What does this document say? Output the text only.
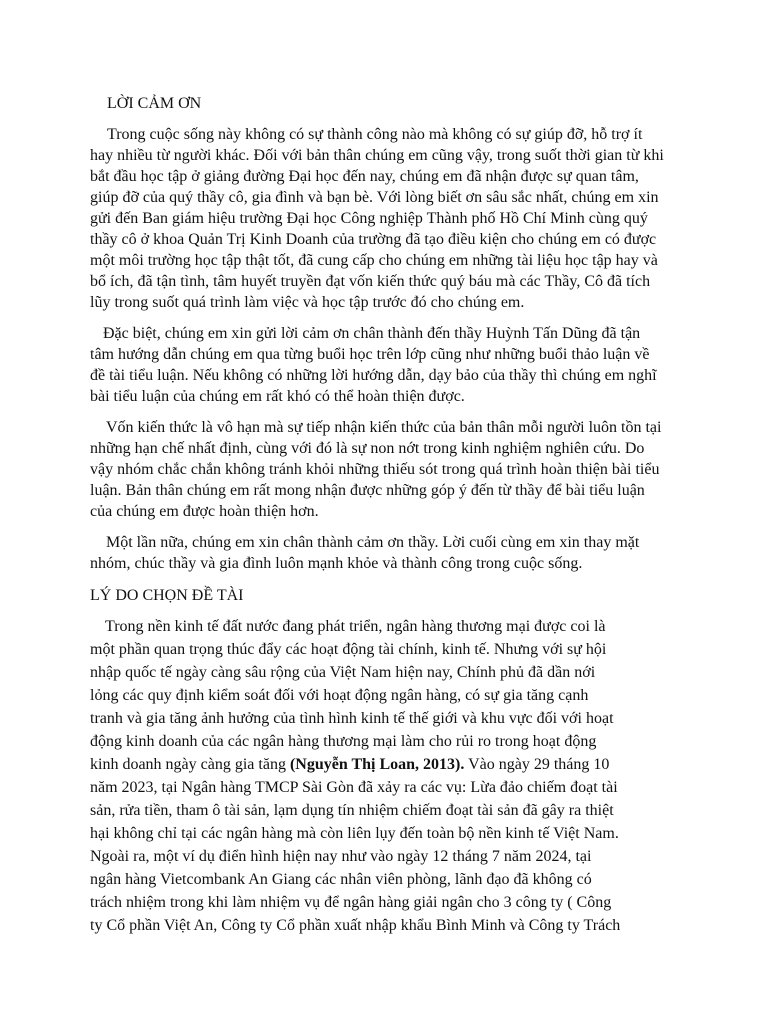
LỜI CẢM ƠN

Trong cuộc sống này không có sự thành công nào mà không có sự giúp đỡ, hỗ trợ ít

hay nhiều từ người khác. Đối với bản thân chúng em cũng vậy, trong suốt thời gian từ khi

bắt đầu học tập ở giảng đường Đại học đến nay, chúng em đã nhận được sự quan tâm,

giúp đỡ của quý thầy cô, gia đình và bạn bè. Với lòng biết ơn sâu sắc nhất, chúng em xin

gửi đến Ban giám hiệu trường Đại học Công nghiệp Thành phố Hồ Chí Minh cùng quý

thầy cô ở khoa Quản Trị Kinh Doanh của trường đã tạo điều kiện cho chúng em có được

một môi trường học tập thật tốt, đã cung cấp cho chúng em những tài liệu học tập hay và

bổ ích, đã tận tình, tâm huyết truyền đạt vốn kiến thức quý báu mà các Thầy, Cô đã tích

lũy trong suốt quá trình làm việc và học tập trước đó cho chúng em.

Đặc biệt, chúng em xin gửi lời cảm ơn chân thành đến thầy Huỳnh Tấn Dũng đã tận

tâm hướng dẫn chúng em qua từng buổi học trên lớp cũng như những buổi thảo luận về

đề tài tiểu luận. Nếu không có những lời hướng dẫn, dạy bảo của thầy thì chúng em nghĩ

bài tiểu luận của chúng em rất khó có thể hoàn thiện được.

Vốn kiến thức là vô hạn mà sự tiếp nhận kiến thức của bản thân mỗi người luôn tồn tại

những hạn chế nhất định, cùng với đó là sự non nớt trong kinh nghiệm nghiên cứu. Do

vậy nhóm chắc chắn không tránh khỏi những thiếu sót trong quá trình hoàn thiện bài tiểu

luận. Bản thân chúng em rất mong nhận được những góp ý đến từ thầy để bài tiểu luận

của chúng em được hoàn thiện hơn.

Một lần nữa, chúng em xin chân thành cảm ơn thầy. Lời cuối cùng em xin thay mặt

nhóm, chúc thầy và gia đình luôn mạnh khỏe và thành công trong cuộc sống.

LÝ DO CHỌN ĐỀ TÀI

Trong nền kinh tế đất nước đang phát triển, ngân hàng thương mại được coi là

một phần quan trọng thúc đẩy các hoạt động tài chính, kinh tế. Nhưng với sự hội

nhập quốc tế ngày càng sâu rộng của Việt Nam hiện nay, Chính phủ đã dần nới

lỏng các quy định kiểm soát đối với hoạt động ngân hàng, có sự gia tăng cạnh

tranh và gia tăng ảnh hưởng của tình hình kinh tế thế giới và khu vực đối với hoạt

động kinh doanh của các ngân hàng thương mại làm cho rủi ro trong hoạt động

kinh doanh ngày càng gia tăng (Nguyễn Thị Loan, 2013). Vào ngày 29 tháng 10

năm 2023, tại Ngân hàng TMCP Sài Gòn đã xảy ra các vụ: Lừa đảo chiếm đoạt tài

sản, rửa tiền, tham ô tài sản, lạm dụng tín nhiệm chiếm đoạt tài sản đã gây ra thiệt

hại không chỉ tại các ngân hàng mà còn liên lụy đến toàn bộ nền kinh tế Việt Nam.

Ngoài ra, một ví dụ điển hình hiện nay như vào ngày 12 tháng 7 năm 2024, tại

ngân hàng Vietcombank An Giang các nhân viên phòng, lãnh đạo đã không có

trách nhiệm trong khi làm nhiệm vụ để ngân hàng giải ngân cho 3 công ty ( Công

ty Cổ phần Việt An, Công ty Cổ phần xuất nhập khẩu Bình Minh và Công ty Trách
